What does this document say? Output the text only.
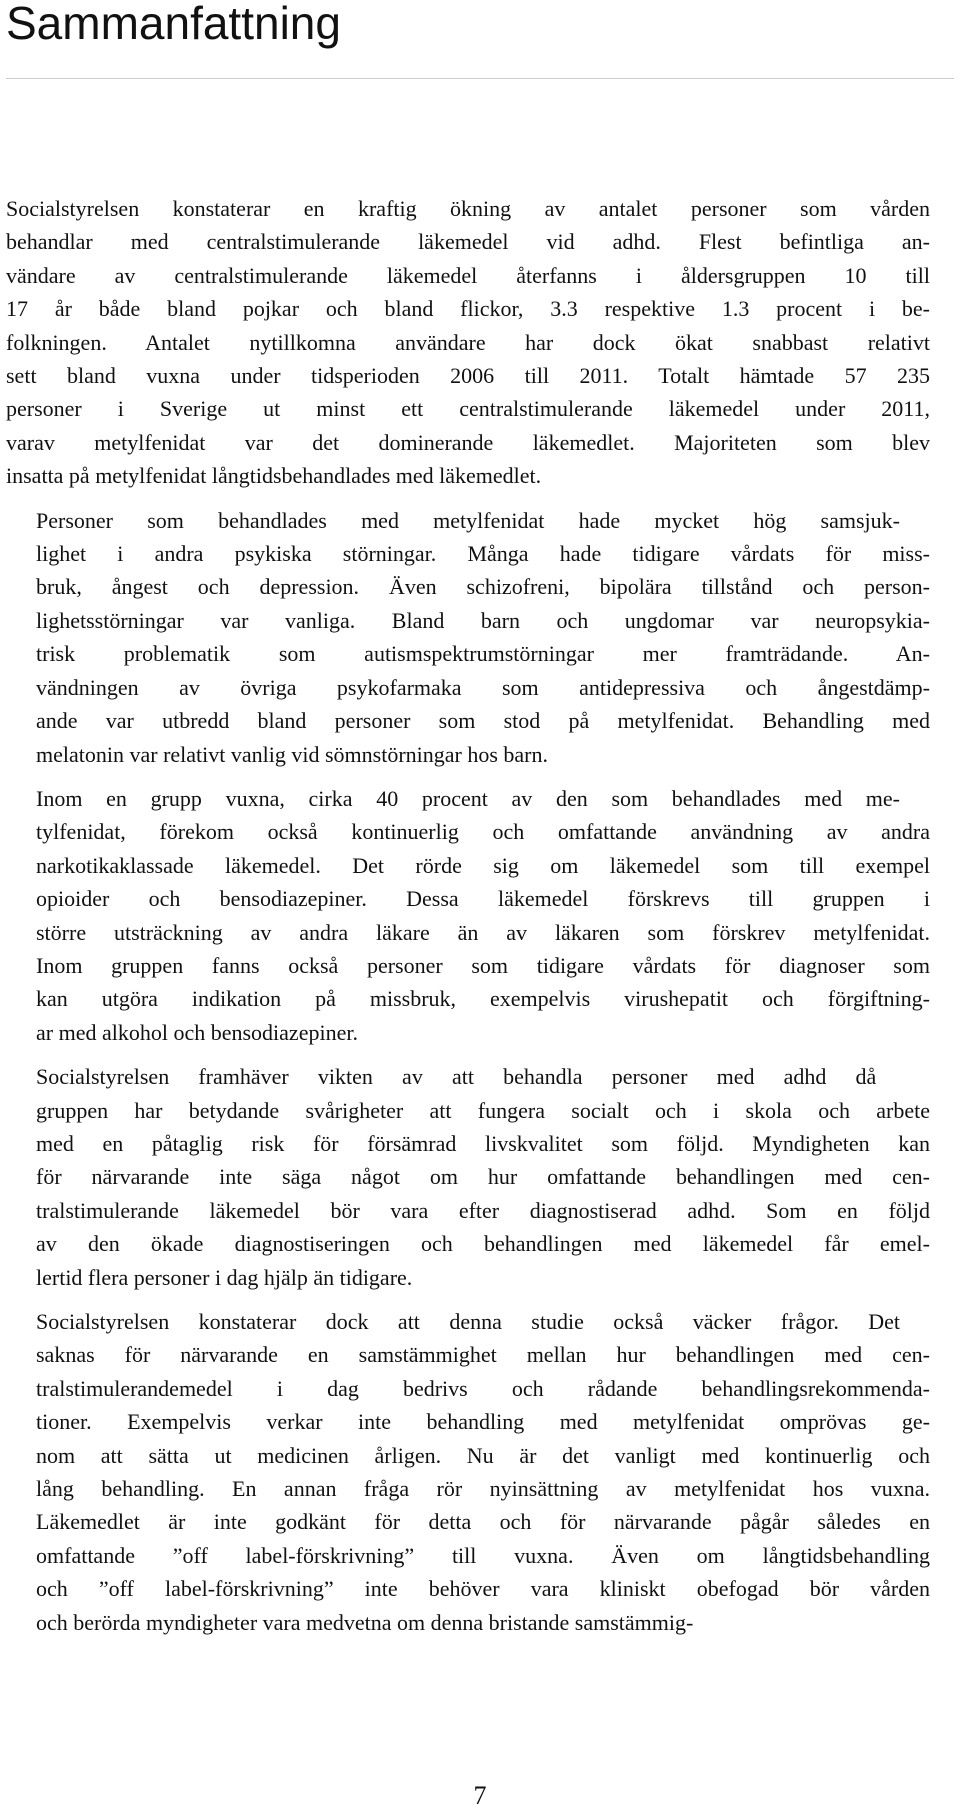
Sammanfattning

Socialstyrelsen konstaterar en kraftig ökning av antalet personer som vården
behandlar med centralstimulerande läkemedel vid adhd. Flest befintliga an-
vändare av centralstimulerande läkemedel återfanns i åldersgruppen 10 till
17 år både bland pojkar och bland flickor, 3.3 respektive 1.3 procent i be-
folkningen. Antalet nytillkomna användare har dock ökat snabbast relativt
sett bland vuxna under tidsperioden 2006 till 2011. Totalt hämtade 57 235
personer i Sverige ut minst ett centralstimulerande läkemedel under 2011,
varav metylfenidat var det dominerande läkemedlet. Majoriteten som blev
insatta på metylfenidat långtidsbehandlades med läkemedlet.

Personer som behandlades med metylfenidat hade mycket hög samsjuk-
lighet i andra psykiska störningar. Många hade tidigare vårdats för miss-
bruk, ångest och depression. Även schizofreni, bipolära tillstånd och person-
lighetsstörningar var vanliga. Bland barn och ungdomar var neuropsykia-
trisk problematik som autismspektrumstörningar mer framträdande. An-
vändningen av övriga psykofarmaka som antidepressiva och ångestdämp-
ande var utbredd bland personer som stod på metylfenidat. Behandling med
melatonin var relativt vanlig vid sömnstörningar hos barn.

Inom en grupp vuxna, cirka 40 procent av den som behandlades med me-
tylfenidat, förekom också kontinuerlig och omfattande användning av andra
narkotikaklassade läkemedel. Det rörde sig om läkemedel som till exempel
opioider och bensodiazepiner. Dessa läkemedel förskrevs till gruppen i
större utsträckning av andra läkare än av läkaren som förskrev metylfenidat.
Inom gruppen fanns också personer som tidigare vårdats för diagnoser som
kan utgöra indikation på missbruk, exempelvis virushepatit och förgiftning-
ar med alkohol och bensodiazepiner.

Socialstyrelsen framhäver vikten av att behandla personer med adhd då
gruppen har betydande svårigheter att fungera socialt och i skola och arbete
med en påtaglig risk för försämrad livskvalitet som följd. Myndigheten kan
för närvarande inte säga något om hur omfattande behandlingen med cen-
tralstimulerande läkemedel bör vara efter diagnostiserad adhd. Som en följd
av den ökade diagnostiseringen och behandlingen med läkemedel får emel-
lertid flera personer i dag hjälp än tidigare.

Socialstyrelsen konstaterar dock att denna studie också väcker frågor. Det
saknas för närvarande en samstämmighet mellan hur behandlingen med cen-
tralstimulerandemedel i dag bedrivs och rådande behandlingsrekommenda-
tioner. Exempelvis verkar inte behandling med metylfenidat omprövas ge-
nom att sätta ut medicinen årligen. Nu är det vanligt med kontinuerlig och
lång behandling. En annan fråga rör nyinsättning av metylfenidat hos vuxna.
Läkemedlet är inte godkänt för detta och för närvarande pågår således en
omfattande ”off label-förskrivning” till vuxna. Även om långtidsbehandling
och ”off label-förskrivning” inte behöver vara kliniskt obefogad bör vården
och berörda myndigheter vara medvetna om denna bristande samstämmig-

7
